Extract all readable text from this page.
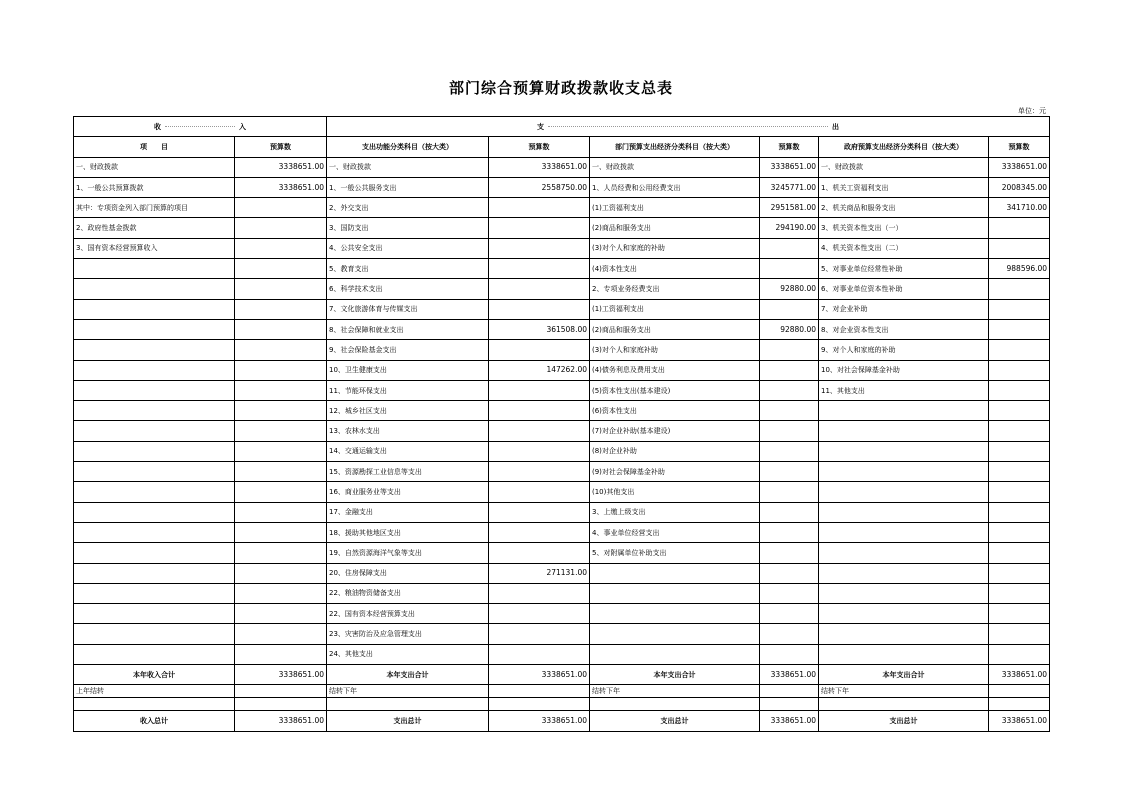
部门综合预算财政拨款收支总表
单位：元
收 入		支 出					
项　　目	预算数	支出功能分类科目（按大类）	预算数	部门预算支出经济分类科目（按大类）	预算数	政府预算支出经济分类科目（按大类）	预算数
一、财政拨款	3338651.00	一、财政拨款	3338651.00	一、财政拨款	3338651.00	一、财政拨款	3338651.00
1、一般公共预算拨款	3338651.00	1、一般公共服务支出	2558750.00	1、人员经费和公用经费支出	3245771.00	1、机关工资福利支出	2008345.00
其中：专项资金列入部门预算的项目		2、外交支出		(1)工资福利支出	2951581.00	2、机关商品和服务支出	341710.00
2、政府性基金拨款		3、国防支出		(2)商品和服务支出	294190.00	3、机关资本性支出（一）	
3、国有资本经营预算收入		4、公共安全支出		(3)对个人和家庭的补助		4、机关资本性支出（二）	
		5、教育支出		(4)资本性支出		5、对事业单位经常性补助	988596.00
		6、科学技术支出		2、专项业务经费支出	92880.00	6、对事业单位资本性补助	
		7、文化旅游体育与传媒支出		(1)工资福利支出		7、对企业补助	
		8、社会保障和就业支出	361508.00	(2)商品和服务支出	92880.00	8、对企业资本性支出	
		9、社会保险基金支出		(3)对个人和家庭补助		9、对个人和家庭的补助	
		10、卫生健康支出	147262.00	(4)债务利息及费用支出		10、对社会保障基金补助	
		11、节能环保支出		(5)资本性支出(基本建设)		11、其他支出	
		12、城乡社区支出		(6)资本性支出			
		13、农林水支出		(7)对企业补助(基本建设)			
		14、交通运输支出		(8)对企业补助			
		15、资源勘探工业信息等支出		(9)对社会保障基金补助			
		16、商业服务业等支出		(10)其他支出			
		17、金融支出		3、上缴上级支出			
		18、援助其他地区支出		4、事业单位经营支出			
		19、自然资源海洋气象等支出		5、对附属单位补助支出			
		20、住房保障支出	271131.00				
		22、粮油物资储备支出					
		22、国有资本经营预算支出					
		23、灾害防治及应急管理支出					
		24、其他支出					
本年收入合计	3338651.00	本年支出合计	3338651.00	本年支出合计	3338651.00	本年支出合计	3338651.00
上年结转		结转下年		结转下年		结转下年	

收入总计	3338651.00	支出总计	3338651.00	支出总计	3338651.00	支出总计	3338651.00
